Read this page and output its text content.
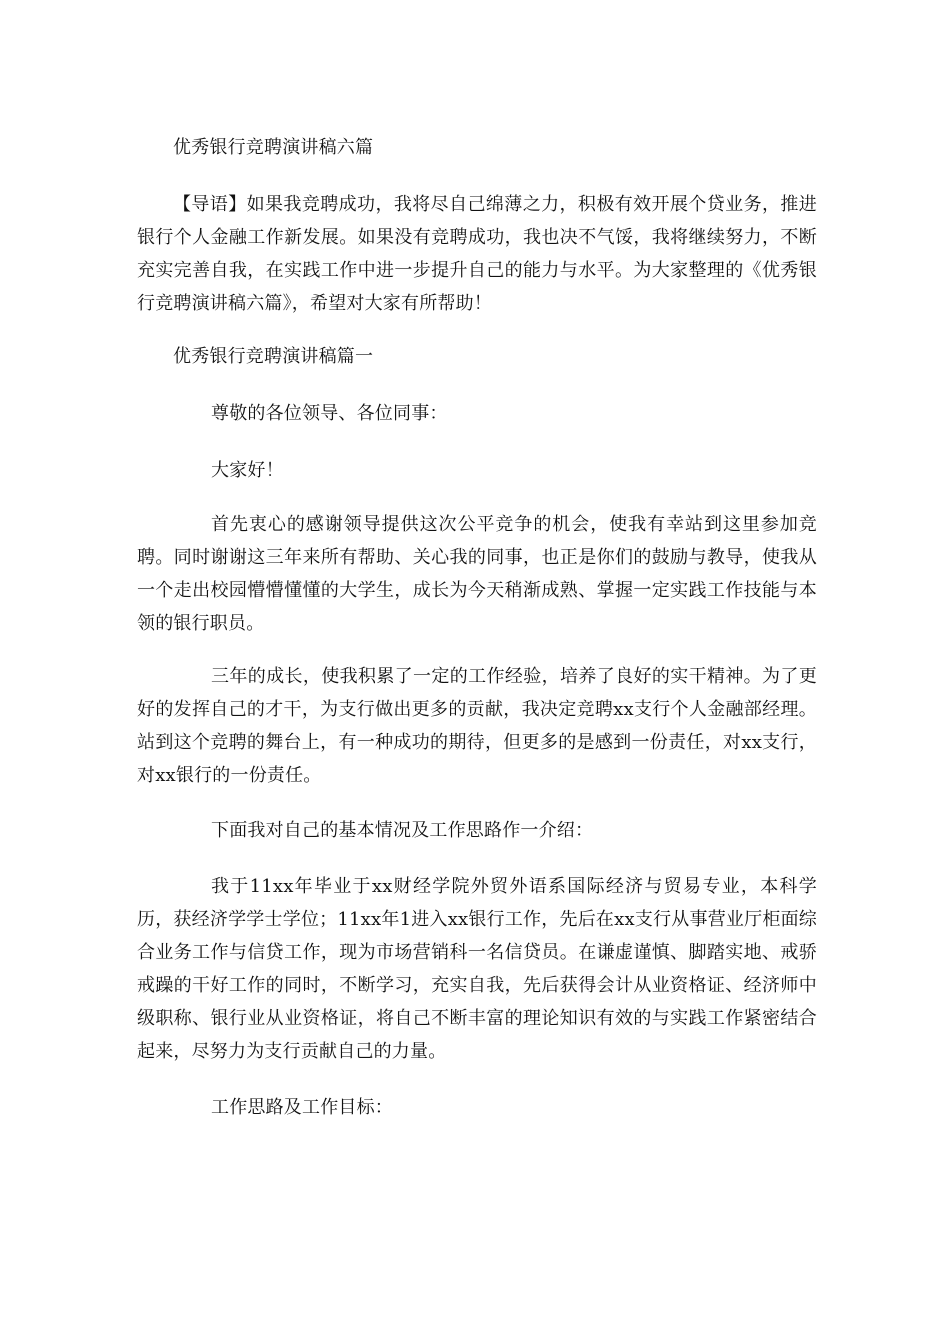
优秀银行竞聘演讲稿六篇
【导语】如果我竞聘成功，我将尽自己绵薄之力，积极有效开展个贷业务，推进银行个人金融工作新发展。如果没有竞聘成功，我也决不气馁，我将继续努力，不断充实完善自我，在实践工作中进一步提升自己的能力与水平。为大家整理的《优秀银行竞聘演讲稿六篇》，希望对大家有所帮助！
优秀银行竞聘演讲稿篇一
尊敬的各位领导、各位同事：
大家好！
首先衷心的感谢领导提供这次公平竞争的机会，使我有幸站到这里参加竞聘。同时谢谢这三年来所有帮助、关心我的同事，也正是你们的鼓励与教导，使我从一个走出校园懵懵懂懂的大学生，成长为今天稍渐成熟、掌握一定实践工作技能与本领的银行职员。
三年的成长，使我积累了一定的工作经验，培养了良好的实干精神。为了更好的发挥自己的才干，为支行做出更多的贡献，我决定竞聘xx支行个人金融部经理。站到这个竞聘的舞台上，有一种成功的期待，但更多的是感到一份责任，对xx支行，对xx银行的一份责任。
下面我对自己的基本情况及工作思路作一介绍：
我于11xx年毕业于xx财经学院外贸外语系国际经济与贸易专业，本科学历，获经济学学士学位；11xx年1进入xx银行工作，先后在xx支行从事营业厅柜面综合业务工作与信贷工作，现为市场营销科一名信贷员。在谦虚谨慎、脚踏实地、戒骄戒躁的干好工作的同时，不断学习，充实自我，先后获得会计从业资格证、经济师中级职称、银行业从业资格证，将自己不断丰富的理论知识有效的与实践工作紧密结合起来，尽努力为支行贡献自己的力量。
工作思路及工作目标：
